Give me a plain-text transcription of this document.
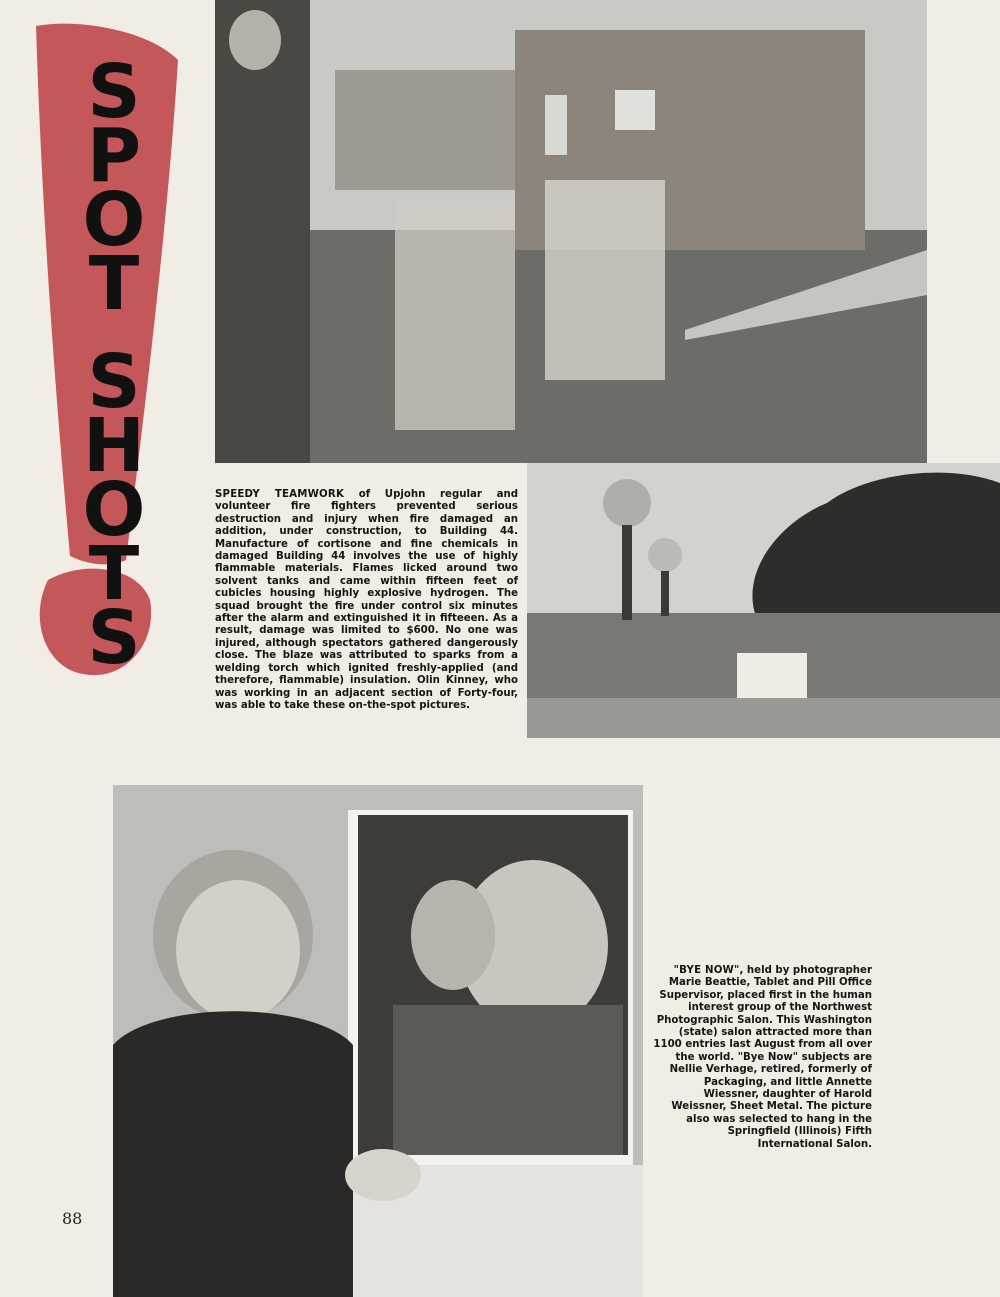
S
P
O
T
S
H
O
T
S
SPEEDY TEAMWORK of Upjohn regular and volunteer fire fighters prevented serious destruction and injury when fire damaged an addition, under construction, to Building 44. Manufacture of cortisone and fine chemicals in damaged Building 44 involves the use of highly flammable materials. Flames licked around two solvent tanks and came within fifteen feet of cubicles housing highly explosive hydrogen. The squad brought the fire under control six minutes after the alarm and extinguished it in fifteeen. As a result, damage was limited to $600. No one was injured, although spectators gathered dangerously close. The blaze was attributed to sparks from a welding torch which ignited freshly-applied (and therefore, flammable) insulation. Olin Kinney, who was working in an adjacent section of Forty-four, was able to take these on-the-spot pictures.
"BYE NOW", held by photographer Marie Beattie, Tablet and Pill Office Supervisor, placed first in the human interest group of the Northwest Photographic Salon. This Washington (state) salon attracted more than 1100 entries last August from all over the world. "Bye Now" subjects are Nellie Verhage, retired, formerly of Packaging, and little Annette Wiessner, daughter of Harold Weissner, Sheet Metal. The picture also was selected to hang in the Springfield (Illinois) Fifth International Salon.
88
